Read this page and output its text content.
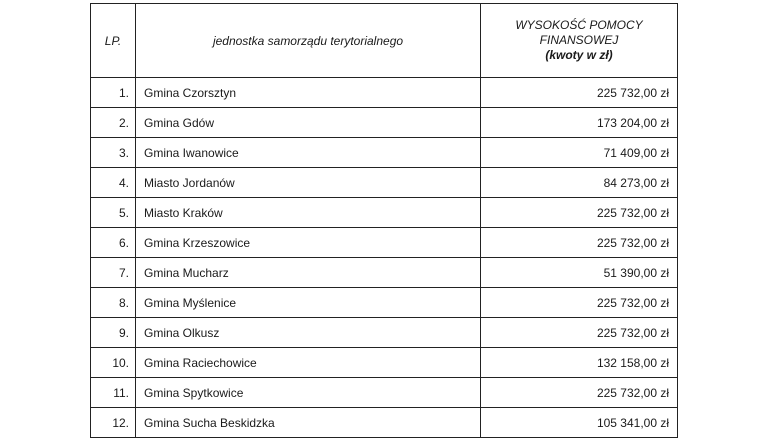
LP.	jednostka samorządu terytorialnego	WYSOKOŚĆ POMOCY
FINANSOWEJ
(kwoty w zł)

1.	Gmina Czorsztyn	225 732,00 zł
2.	Gmina Gdów	173 204,00 zł
3.	Gmina Iwanowice	71 409,00 zł
4.	Miasto Jordanów	84 273,00 zł
5.	Miasto Kraków	225 732,00 zł
6.	Gmina Krzeszowice	225 732,00 zł
7.	Gmina Mucharz	51 390,00 zł
8.	Gmina Myślenice	225 732,00 zł
9.	Gmina Olkusz	225 732,00 zł
10.	Gmina Raciechowice	132 158,00 zł
11.	Gmina Spytkowice	225 732,00 zł
12.	Gmina Sucha Beskidzka	105 341,00 zł
